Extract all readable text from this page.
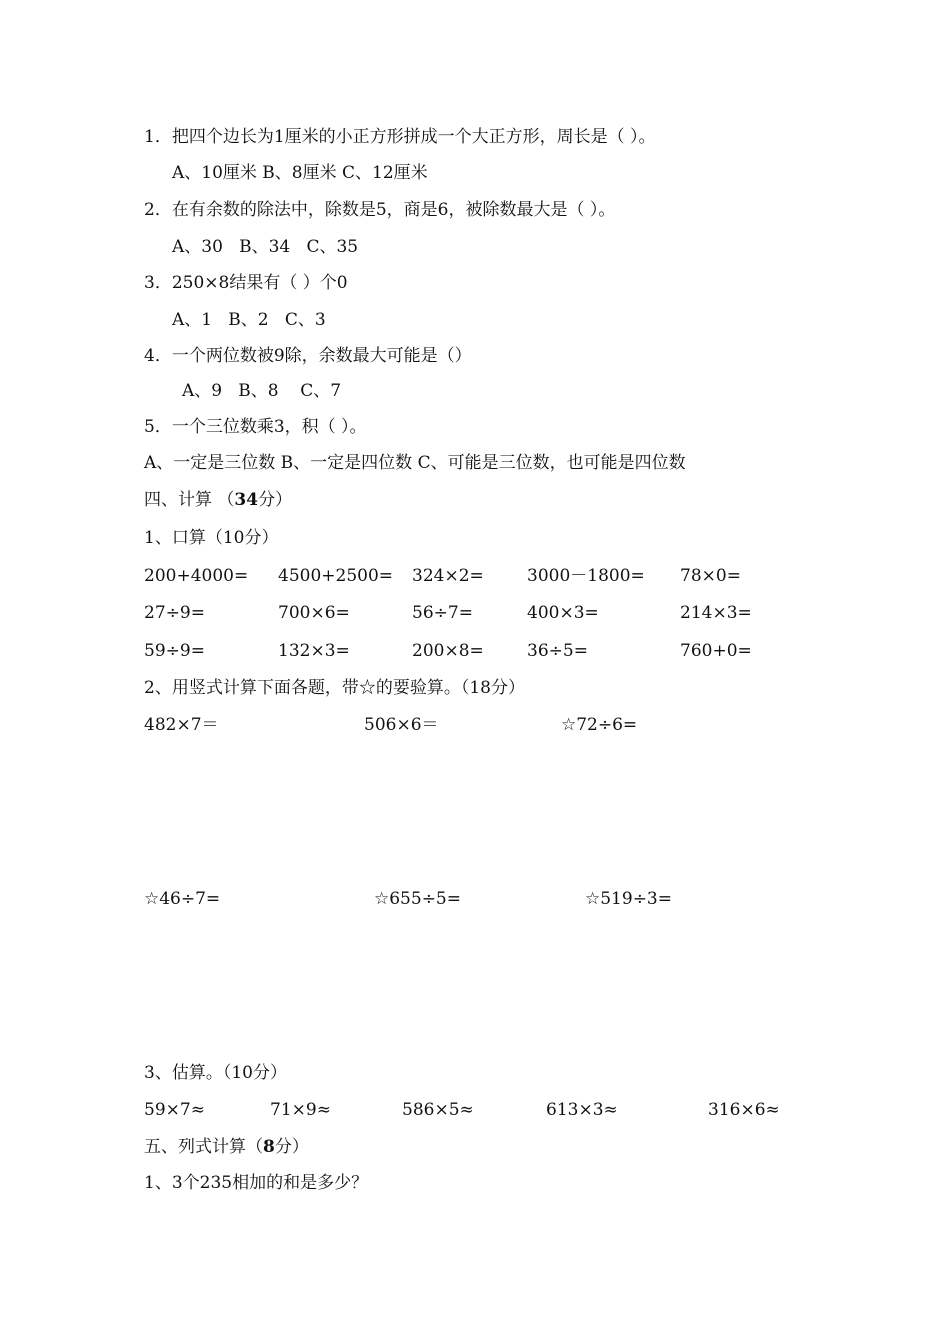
1．把四个边长为1厘米的小正方形拼成一个大正方形，周长是（ ）。
A、10厘米 B、8厘米 C、12厘米
2．在有余数的除法中，除数是5，商是6，被除数最大是（ ）。
A、30   B、34   C、35
3．250×8结果有（ ）个0
A、1   B、2   C、3
4．一个两位数被9除，余数最大可能是（）
A、9   B、8    C、7
5．一个三位数乘3，积（ ）。
A、一定是三位数 B、一定是四位数 C、可能是三位数，也可能是四位数
四、计算 （34分）
1、口算（10分）
200+4000= 4500+2500= 324×2=	3000－1800= 78×0=
27÷9=	700×6=	56÷7=	400×3=	214×3=
59÷9=	132×3=	200×8=	36÷5=	760+0=
2、用竖式计算下面各题，带☆的要验算。（18分）
482×7＝	506×6＝	☆72÷6=
☆46÷7=	☆655÷5=	☆519÷3=
3、估算。（10分）
59×7≈	71×9≈	586×5≈	613×3≈	316×6≈
五、列式计算（8分）
1、3个235相加的和是多少？
